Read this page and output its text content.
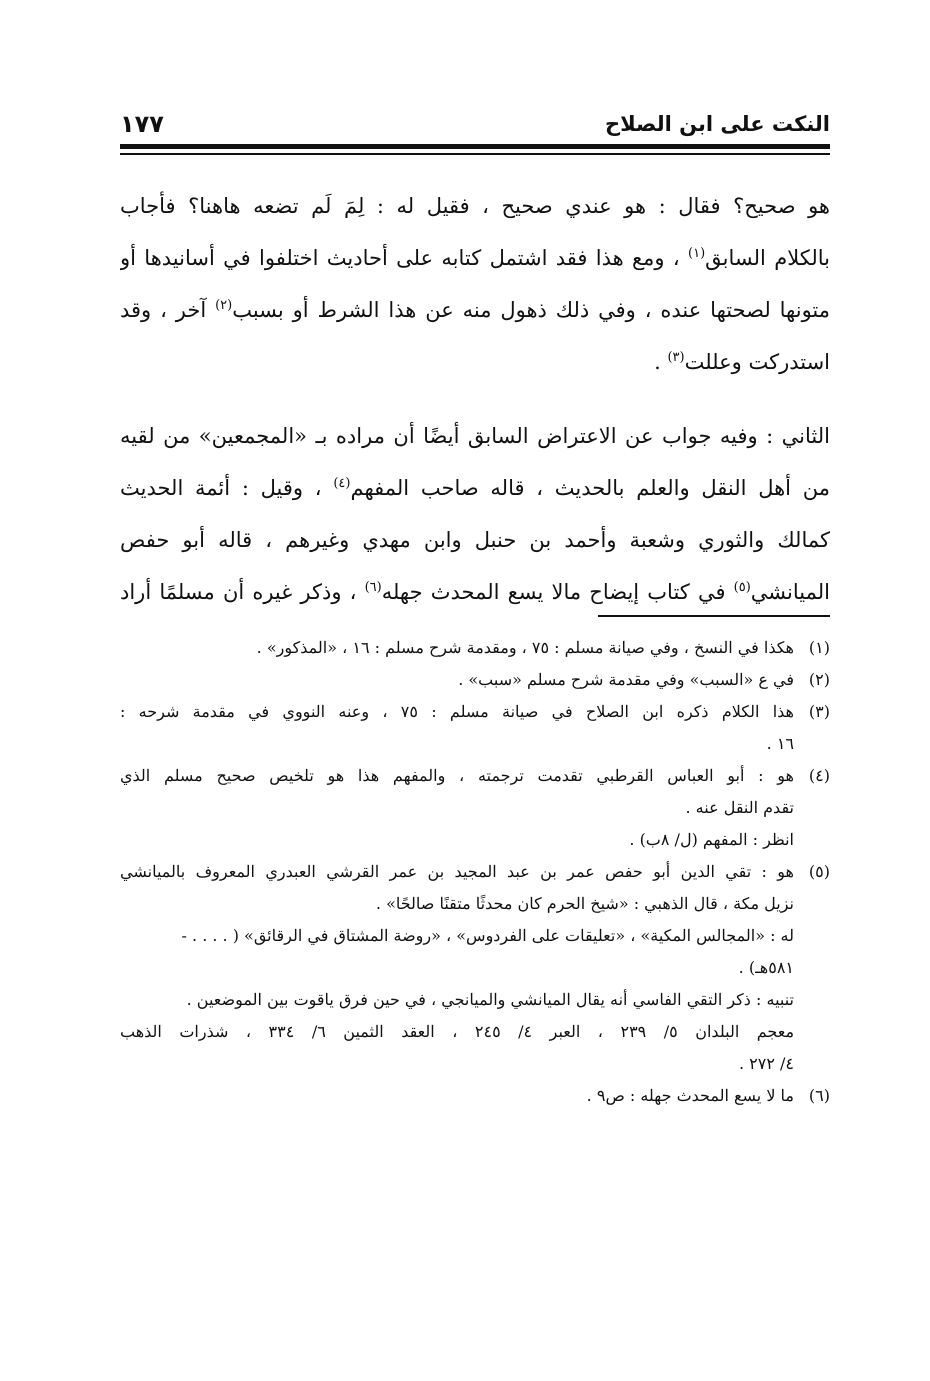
النكت على ابن الصلاح
١٧٧
هو صحيح؟ فقال : هو عندي صحيح ، فقيل له : لِمَ لَم تضعه هاهنا؟ فأجاب
بالكلام السابق$^{(١)}$ ، ومع هذا فقد اشتمل كتابه على أحاديث اختلفوا في أسانيدها أو
متونها لصحتها عنده ، وفي ذلك ذهول منه عن هذا الشرط أو بسبب$^{(٢)}$ آخر ، وقد
استدركت وعللت$^{(٣)}$ .
الثاني : وفيه جواب عن الاعتراض السابق أيضًا أن مراده بـ «المجمعين» من لقيه
من أهل النقل والعلم بالحديث ، قاله صاحب المفهم$^{(٤)}$ ، وقيل : أئمة الحديث
كمالك والثوري وشعبة وأحمد بن حنبل وابن مهدي وغيرهم ، قاله أبو حفص
الميانشي$^{(٥)}$ في كتاب إيضاح مالا يسع المحدث جهله$^{(٦)}$ ، وذكر غيره أن مسلمًا أراد
(١)هكذا في النسخ ، وفي صيانة مسلم : ٧٥ ، ومقدمة شرح مسلم : ١٦ ، «المذكور» .
(٢)في ع «السبب» وفي مقدمة شرح مسلم «سبب» .
(٣)هذا الكلام ذكره ابن الصلاح في صيانة مسلم : ٧٥ ، وعنه النووي في مقدمة شرحه :
١٦ .
(٤)هو : أبو العباس القرطبي تقدمت ترجمته ، والمفهم هذا هو تلخيص صحيح مسلم الذي
تقدم النقل عنه .
انظر : المفهم (ل/ ٨ب) .
(٥)هو : تقي الدين أبو حفص عمر بن عبد المجيد بن عمر القرشي العبدري المعروف بالميانشي
نزيل مكة ، قال الذهبي : «شيخ الحرم كان محدثًا متقنًا صالحًا» .
له : «المجالس المكية» ، «تعليقات على الفردوس» ، «روضة المشتاق في الرقائق» ( . . . . -
٥٨١هـ) .
تنبيه : ذكر التقي الفاسي أنه يقال الميانشي والميانجي ، في حين فرق ياقوت بين الموضعين .
معجم البلدان ٥/ ٢٣٩ ، العبر ٤/ ٢٤٥ ، العقد الثمين ٦/ ٣٣٤ ، شذرات الذهب
٤/ ٢٧٢ .
(٦)ما لا يسع المحدث جهله : ص٩ .
